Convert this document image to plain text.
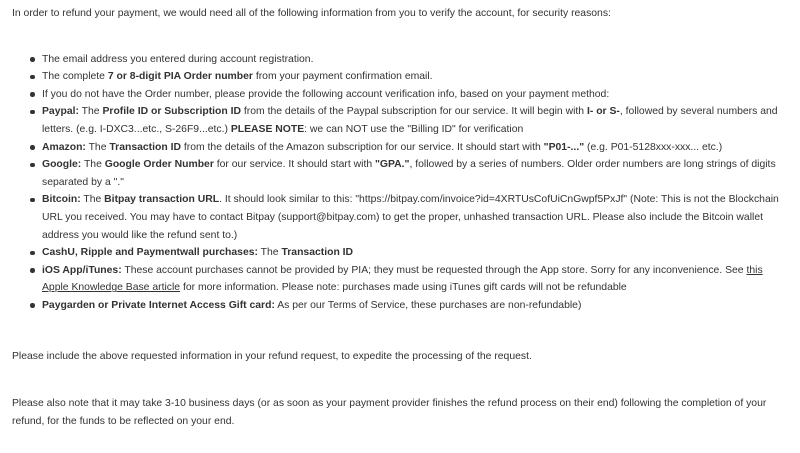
In order to refund your payment, we would need all of the following information from you to verify the account, for security reasons:

The email address you entered during account registration.
The complete 7 or 8-digit PIA Order number from your payment confirmation email.
If you do not have the Order number, please provide the following account verification info, based on your payment method:
Paypal: The Profile ID or Subscription ID from the details of the Paypal subscription for our service. It will begin with I- or S-, followed by several numbers and letters. (e.g. I-DXC3...etc., S-26F9...etc.) PLEASE NOTE: we can NOT use the "Billing ID" for verification
Amazon: The Transaction ID from the details of the Amazon subscription for our service. It should start with "P01-..." (e.g. P01-5128xxx-xxx... etc.)
Google: The Google Order Number for our service. It should start with "GPA.", followed by a series of numbers. Older order numbers are long strings of digits separated by a "."
Bitcoin: The Bitpay transaction URL. It should look similar to this: "https://bitpay.com/invoice?id=4XRTUsCofUiCnGwpf5PxJf" (Note: This is not the Blockchain URL you received. You may have to contact Bitpay (support@bitpay.com) to get the proper, unhashed transaction URL. Please also include the Bitcoin wallet address you would like the refund sent to.)
CashU, Ripple and Paymentwall purchases: The Transaction ID
iOS App/iTunes: These account purchases cannot be provided by PIA; they must be requested through the App store. Sorry for any inconvenience. See this Apple Knowledge Base article for more information. Please note: purchases made using iTunes gift cards will not be refundable
Paygarden or Private Internet Access Gift card: As per our Terms of Service, these purchases are non-refundable)

Please include the above requested information in your refund request, to expedite the processing of the request.

Please also note that it may take 3-10 business days (or as soon as your payment provider finishes the refund process on their end) following the completion of your refund, for the funds to be reflected on your end.
